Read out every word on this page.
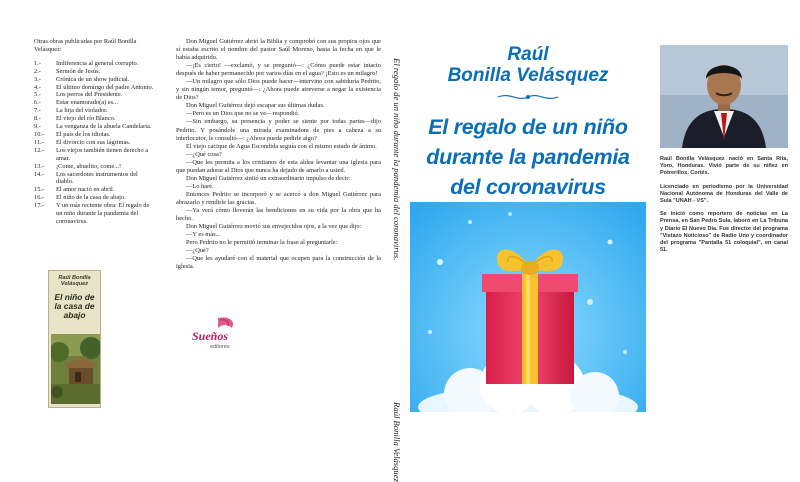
Otras obras publicadas por Raúl Bonilla Velásquez:

1.-	Indiferencia al general corrupto.
2.-	Sermón de Jesús.
3.-	Crónica de un show judicial.
4.-	El último domingo del padre Antonio.
5.-	Los perros del Presidente.
6.-	Estar enamorado(a) es...
7.-	La hija del violador.
8.-	El viejo del río Blanco.
9.-	La venganza de la abuela Candelaria.
10.-	El país de los idiotas.
11.-	El divorcio con sus lágrimas.
12.-	Los viejos también tienen derecho a amar.
13.-	¡Come, abuelito, come...!
14.-	Los sacerdotes instrumentos del diablo.
15.-	El amor nació en abril.
16.-	El niño de la casa de abajo.
17.-	Y un más reciente obra: El regalo de un niño durante la pandemia del coronavirus.
Raúl Bonilla Velásquez
El niño de la casa de abajo

Don Miguel Gutiérrez abrió la Biblia y comprobó con sus propios ojos que sí estaba escrito el nombre del pastor Saúl Moreno, hasta la fecha en que le había adquirido.

—¡Es cierto! —exclamó, y se preguntó—: ¿Cómo puede estar intacto después de haber permanecido por varios días en el agua? ¡Esto es un milagro!

—Un milagro que sólo Dios puede hacer—intervino con sabiduría Pedrito, y sin ningún temor, preguntó—: ¿Ahora puede atreverse a negar la existencia de Dios?

Don Miguel Gutiérrez dejó escapar sus últimas dudas.

—Pero es un Dios que no se ve—respondió.

—Sin embargo, su presencia y poder se siente por todas partes—dijo Pedrito. Y posándole una mirada examinadora de pies a cabeza a su interlocutor, le consultó—: ¿Ahora puede pedirle algo?

El viejo cacique de Agua Escondida seguía con el mismo estado de ánimo.

—¿Qué cosa?

—Que les permita a los cristianos de esta aldea levantar una iglesia para que puedan adorar al Dios que nunca ha dejado de amarlo a usted.

Don Miguel Gutiérrez sintió un extraordinario impulso de decir:

—Lo haré.

Entonces Pedrito se incorporó y se acercó a don Miguel Gutiérrez para abrazarlo y rendirle las gracias.

—Ya verá cómo lloverán las bendiciones en su vida por la obra que ha hecho.

Don Miguel Gutiérrez movió sus envejecidos ojos, a la vez que dijo:

—Y es más...

Pero Pedrito no le permitió terminar la frase al preguntarle:

—¿Qué?

—Que les ayudaré con el material que ocupen para la construcción de la iglesia.

Sueños
editores
El regalo de un niño durante la pandemia del coronavirus.                                                                  Raúl Bonilla Velásquez
Raúl
Bonilla Velásquez
El regalo de un niño
durante la pandemia
del coronavirus

Raúl Bonilla Velásquez nació en Santa Rita, Yoro, Honduras. Vivió parte de su niñez en Potrerillos, Cortés.

Licenciado en periodismo por la Universidad Nacional Autónoma de Honduras del Valle de Sula "UNAH - VS".

Se inició como reportero de noticias en La Prensa, en San Pedro Sula, laboró en La Tribuna y Diario El Nuevo Día. Fue director del programa "Vistazo Noticioso" de Radio Uno y coordinador del programa "Pantalla 51 coloquial", en canal 51.
